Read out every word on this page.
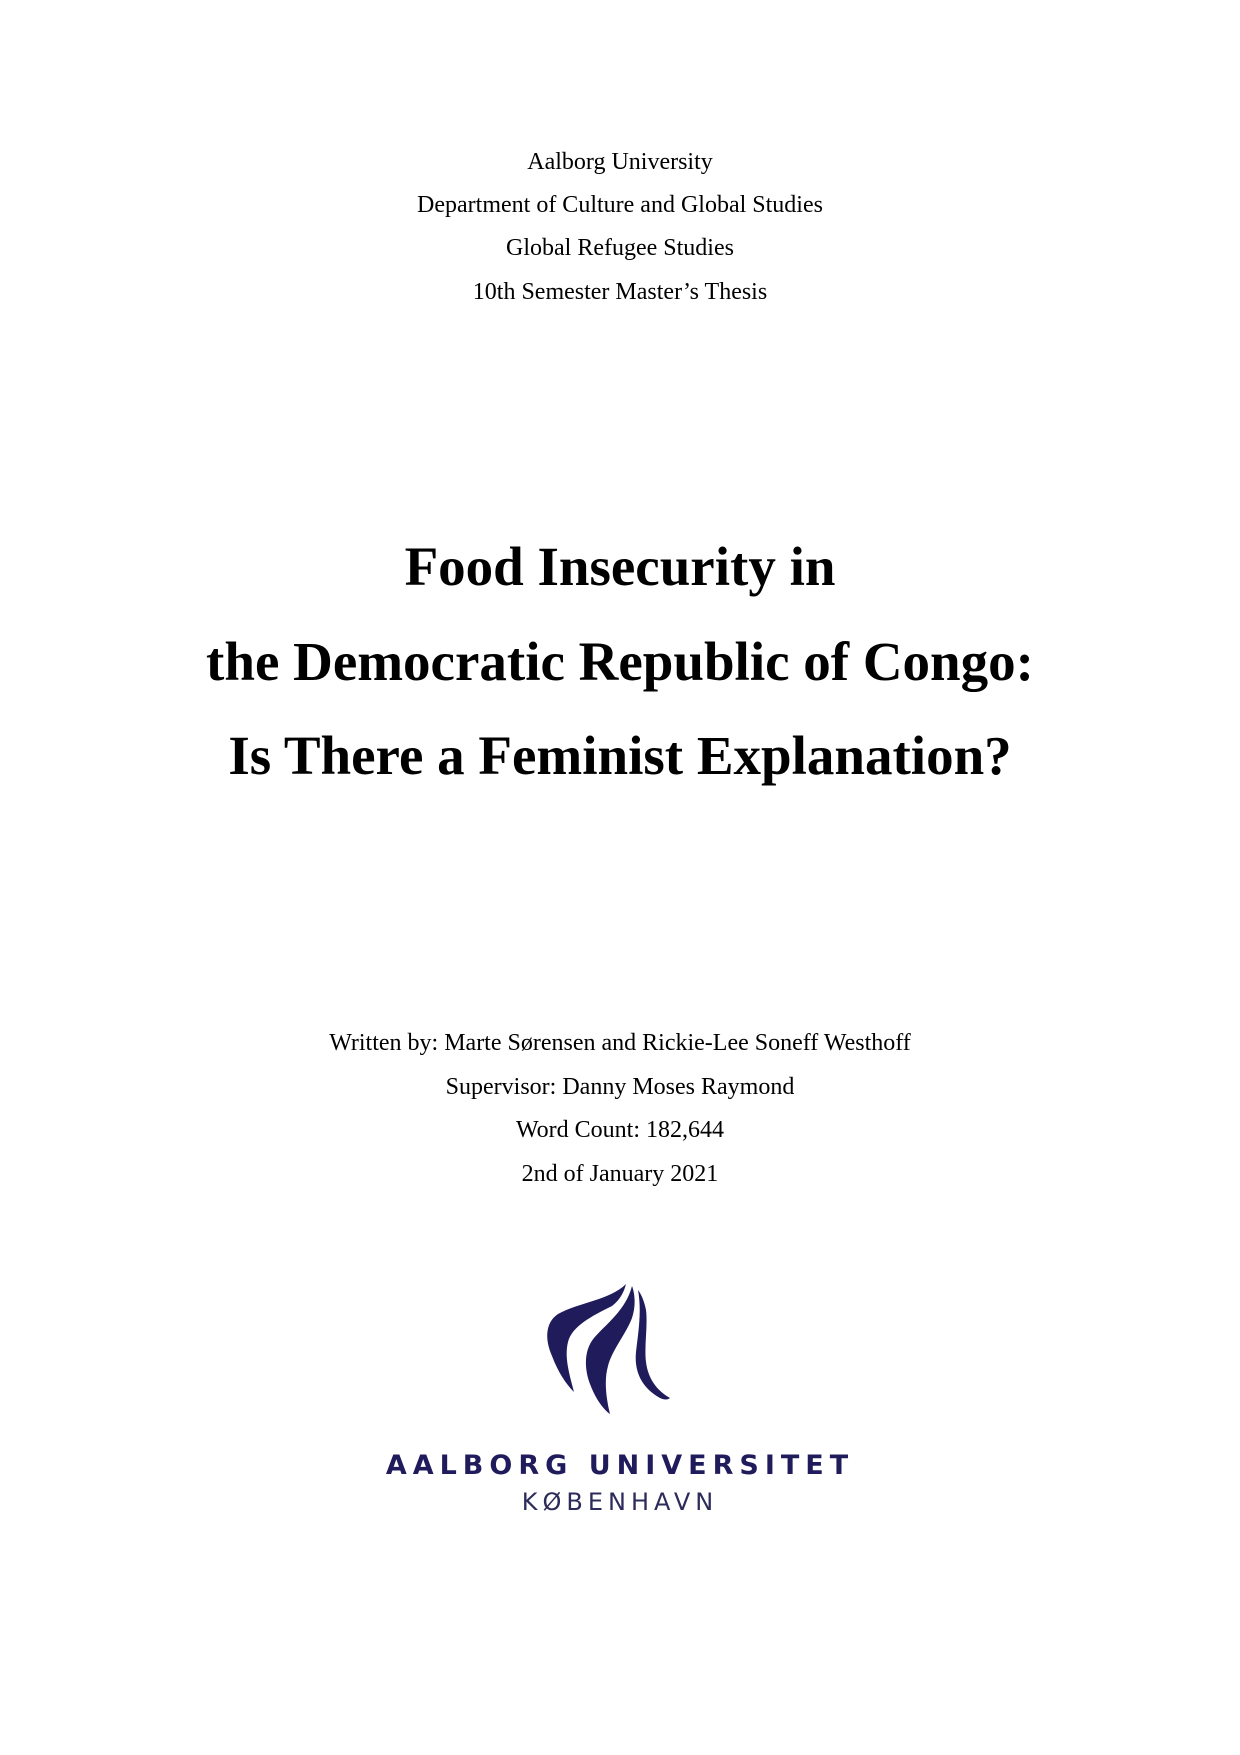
Aalborg University
Department of Culture and Global Studies
Global Refugee Studies
10th Semester Master’s Thesis
Food Insecurity in
the Democratic Republic of Congo:
Is There a Feminist Explanation?
Written by: Marte Sørensen and Rickie-Lee Soneff Westhoff
Supervisor: Danny Moses Raymond
Word Count: 182,644
2nd of January 2021
AALBORG UNIVERSITET
KØBENHAVN
